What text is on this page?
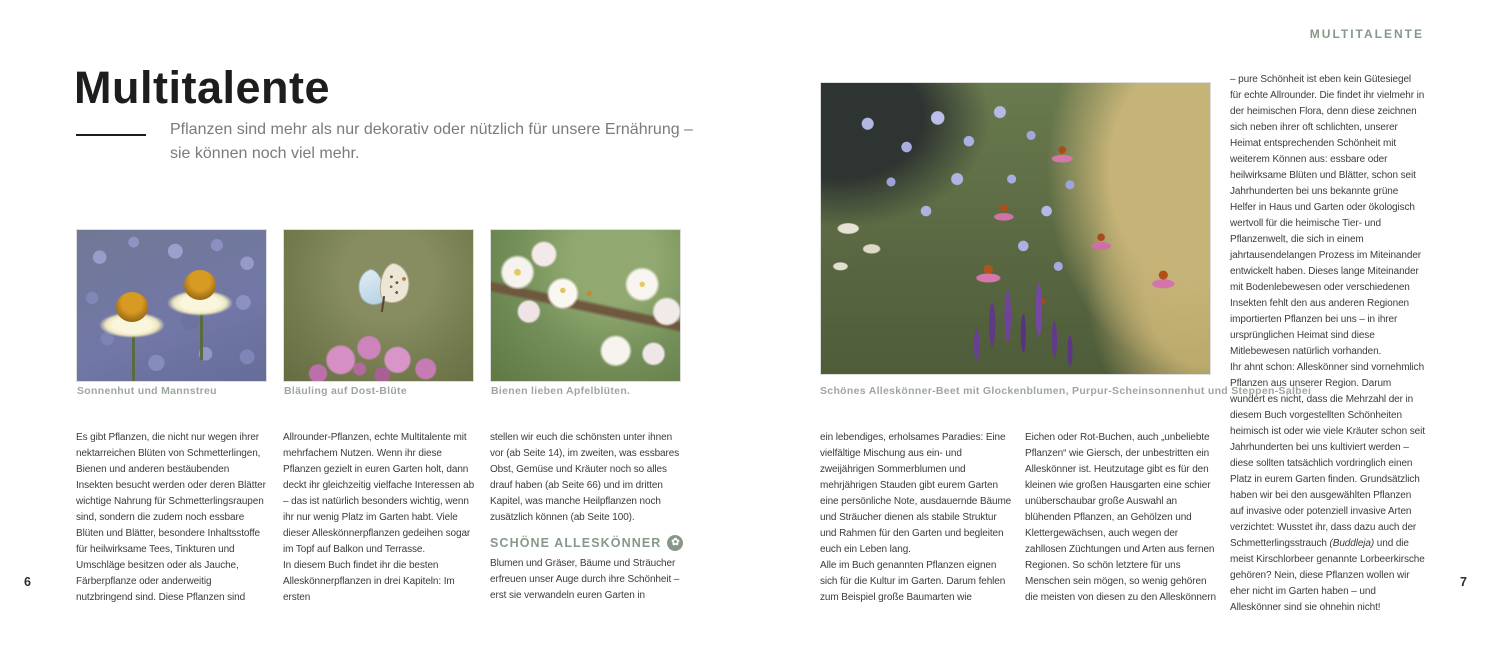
Multitalente
Pflanzen sind mehr als nur dekorativ oder nützlich für unsere Ernährung –
sie können noch viel mehr.
Sonnenhut und Mannstreu	Bläuling auf Dost-Blüte	Bienen lieben Apfelblüten.

Es gibt Pflanzen, die nicht nur wegen ihrer nektarreichen Blüten von Schmetterlingen, Bienen und anderen bestäubenden Insekten besucht werden oder deren Blätter wichtige Nahrung für Schmetterlingsraupen sind, sondern die zudem noch essbare Blüten und Blätter, besondere Inhaltsstoffe für heilwirksame Tees, Tinkturen und Umschläge besitzen oder als Jauche, Färberpflanze oder anderweitig nutzbringend sind. Diese Pflanzen sind

Allrounder-Pflanzen, echte Multitalente mit mehrfachem Nutzen. Wenn ihr diese Pflanzen gezielt in euren Garten holt, dann deckt ihr gleichzeitig vielfache Interessen ab – das ist natürlich besonders wichtig, wenn ihr nur wenig Platz im Garten habt. Viele dieser Alleskönnerpflanzen gedeihen sogar im Topf auf Balkon und Terrasse.

In diesem Buch findet ihr die besten Alleskönnerpflanzen in drei Kapiteln: Im ersten

stellen wir euch die schönsten unter ihnen vor (ab Seite 14), im zweiten, was essbares Obst, Gemüse und Kräuter noch so alles drauf haben (ab Seite 66) und im dritten Kapitel, was manche Heilpflanzen noch zusätzlich können (ab Seite 100).

SCHÖNE ALLESKÖNNER ✿

Blumen und Gräser, Bäume und Sträucher erfreuen unser Auge durch ihre Schönheit – erst sie verwandeln euren Garten in

6
MULTITALENTE
Schönes Alleskönner-Beet mit Glockenblumen, Purpur-Scheinsonnenhut und Steppen-Salbei

ein lebendiges, erholsames Paradies: Eine vielfältige Mischung aus ein- und zweijährigen Sommerblumen und mehrjährigen Stauden gibt eurem Garten eine persönliche Note, ausdauernde Bäume und Sträucher dienen als stabile Struktur und Rahmen für den Garten und begleiten euch ein Leben lang.

Alle im Buch genannten Pflanzen eignen sich für die Kultur im Garten. Darum fehlen zum Beispiel große Baumarten wie

Eichen oder Rot-Buchen, auch „unbeliebte Pflanzen“ wie Giersch, der unbestritten ein Alleskönner ist. Heutzutage gibt es für den kleinen wie großen Hausgarten eine schier unüberschaubar große Auswahl an blühenden Pflanzen, an Gehölzen und Klettergewächsen, auch wegen der zahllosen Züchtungen und Arten aus fernen Regionen. So schön letztere für uns Menschen sein mögen, so wenig gehören die meisten von diesen zu den Alleskönnern

– pure Schönheit ist eben kein Gütesiegel für echte Allrounder. Die findet ihr vielmehr in der heimischen Flora, denn diese zeichnen sich neben ihrer oft schlichten, unserer Heimat entsprechenden Schönheit mit weiterem Können aus: essbare oder heilwirksame Blüten und Blätter, schon seit Jahrhunderten bei uns bekannte grüne Helfer in Haus und Garten oder ökologisch wertvoll für die heimische Tier- und Pflanzenwelt, die sich in einem jahrtausendelangen Prozess im Miteinander entwickelt haben. Dieses lange Miteinander mit Bodenlebewesen oder verschiedenen Insekten fehlt den aus anderen Regionen importierten Pflanzen bei uns – in ihrer ursprünglichen Heimat sind diese Mitlebewesen natürlich vorhanden.

Ihr ahnt schon: Alleskönner sind vornehmlich Pflanzen aus unserer Region. Darum wundert es nicht, dass die Mehrzahl der in diesem Buch vorgestellten Schönheiten heimisch ist oder wie viele Kräuter schon seit Jahrhunderten bei uns kultiviert werden – diese sollten tatsächlich vordringlich einen Platz in eurem Garten finden. Grundsätzlich haben wir bei den ausgewählten Pflanzen auf invasive oder potenziell invasive Arten verzichtet: Wusstet ihr, dass dazu auch der Schmetterlingsstrauch (Buddleja) und die meist Kirschlorbeer genannte Lorbeerkirsche gehören? Nein, diese Pflanzen wollen wir eher nicht im Garten haben – und Alleskönner sind sie ohnehin nicht!

7
